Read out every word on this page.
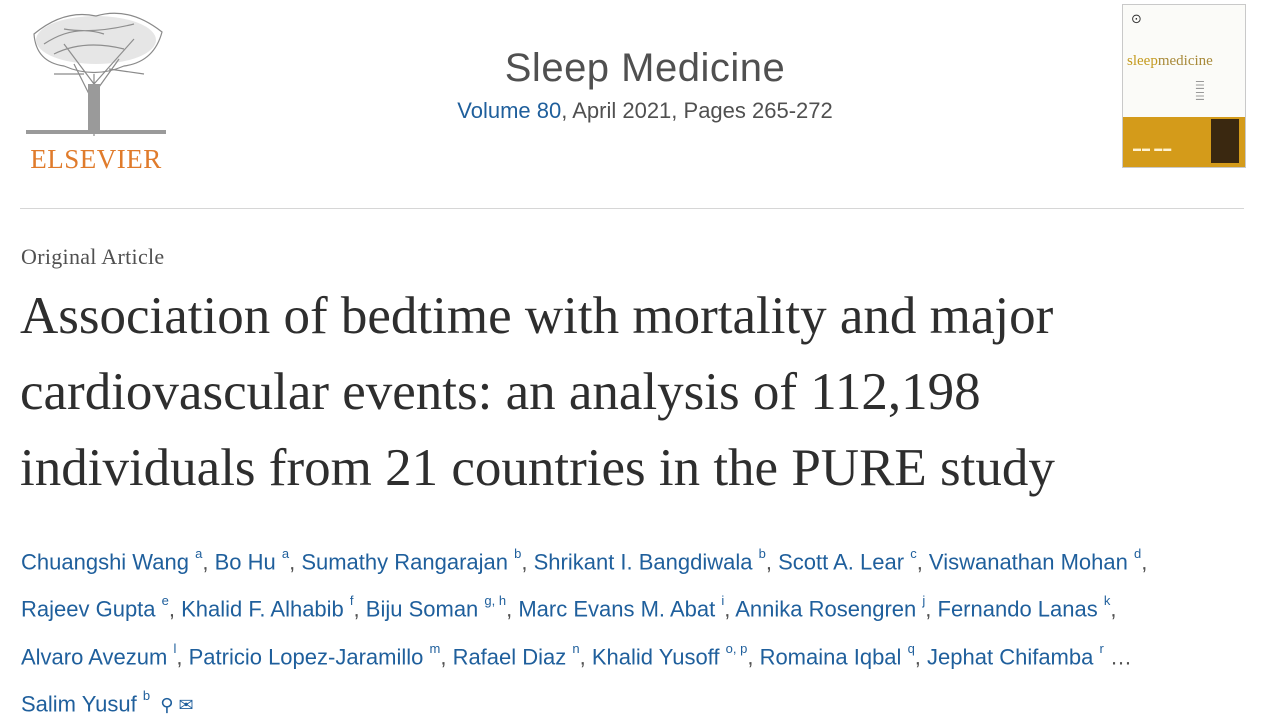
ELSEVIER
Sleep Medicine
Volume 80, April 2021, Pages 265-272
⊙
sleepmedicine
☰
☰
▬▬ ▬▬
Original Article
Association of bedtime with mortality and major
cardiovascular events: an analysis of 112,198
individuals from 21 countries in the PURE study
Chuangshi Wang $^a$, Bo Hu $^a$, Sumathy Rangarajan $^b$, Shrikant I. Bangdiwala $^b$, Scott A. Lear $^c$, Viswanathan Mohan $^d$,
Rajeev Gupta $^e$, Khalid F. Alhabib $^f$, Biju Soman $^{g, h}$, Marc Evans M. Abat $^i$, Annika Rosengren $^j$, Fernando Lanas $^k$,
Alvaro Avezum $^l$, Patricio Lopez-Jaramillo $^m$, Rafael Diaz $^n$, Khalid Yusoff $^{o, p}$, Romaina Iqbal $^q$, Jephat Chifamba $^r$ …
Salim Yusuf $^b$ ⚲ ✉
